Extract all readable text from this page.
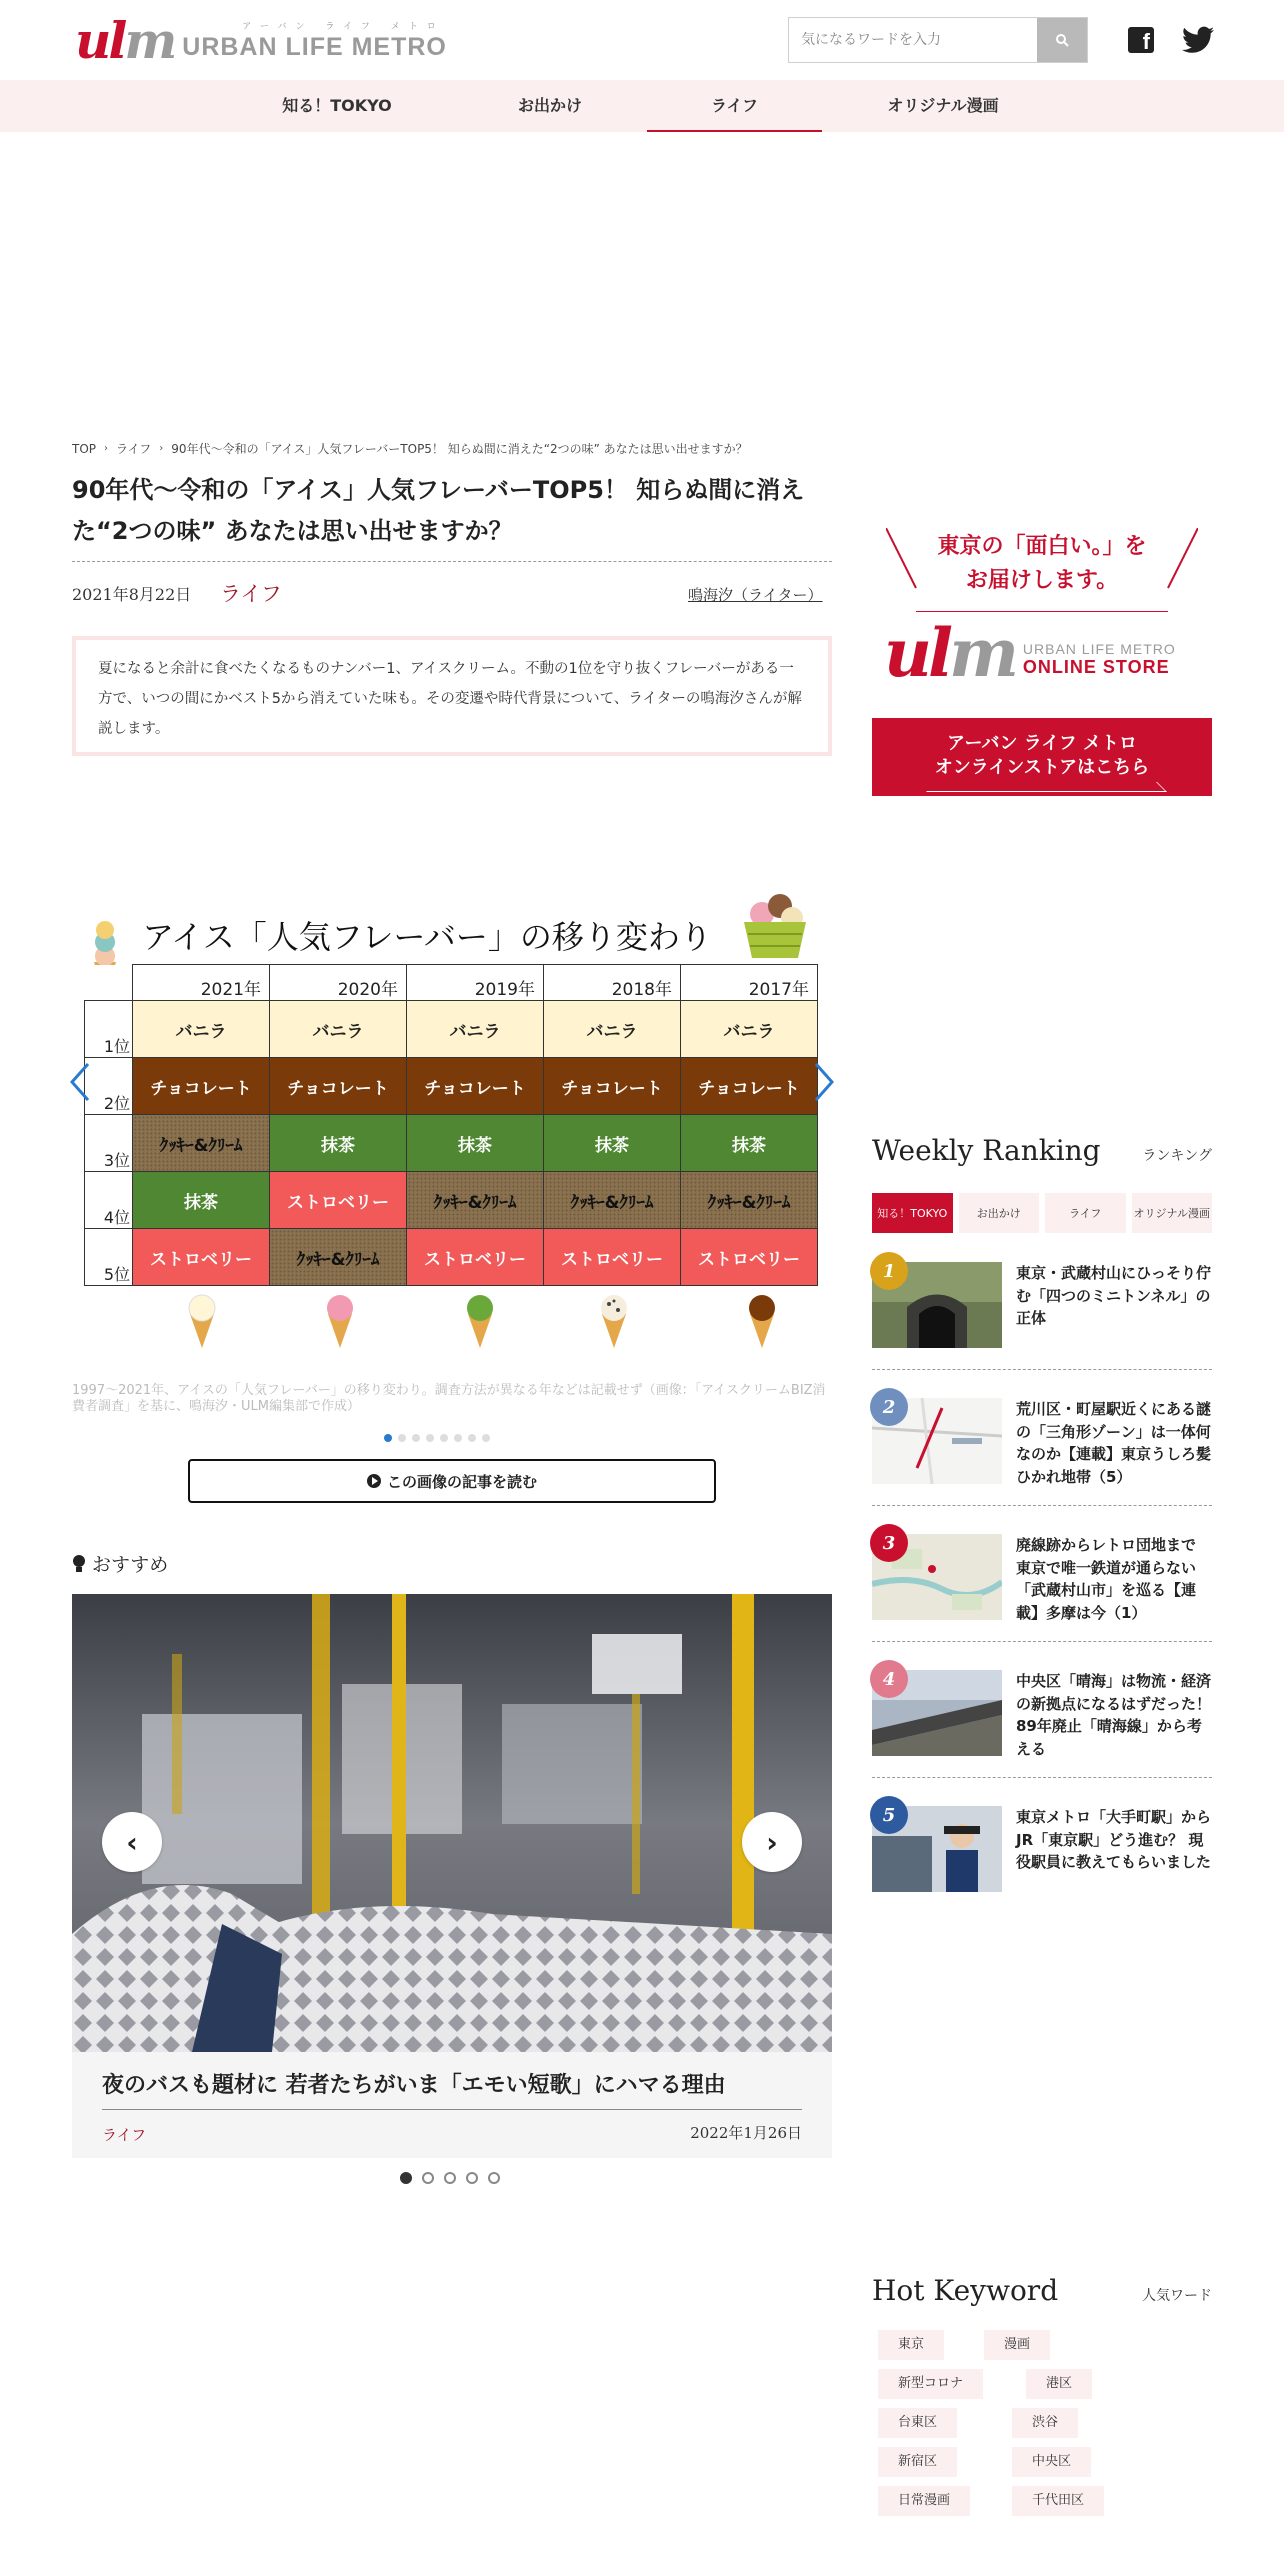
ulm	アーバン ライフ メトロ
URBAN LIFE METRO
気になるワードを入力	f
知る！TOKYO	お出かけ	ライフ	オリジナル漫画
TOP › ライフ › 90年代～令和の「アイス」人気フレーバーTOP5！ 知らぬ間に消えた“2つの味” あなたは思い出せますか？
90年代～令和の「アイス」人気フレーバーTOP5！ 知らぬ間に消えた“2つの味” あなたは思い出せますか？
2021年8月22日 ライフ	鳴海汐（ライター）
夏になると余計に食べたくなるものナンバー1、アイスクリーム。不動の1位を守り抜くフレーバーがある一方で、いつの間にかベスト5から消えていた味も。その変遷や時代背景について、ライターの鳴海汐さんが解説します。
アイス「人気フレーバー」の移り変わり
	2021年	2020年	2019年	2018年	2017年
1位	バニラ	バニラ	バニラ	バニラ	バニラ
2位	チョコレート	チョコレート	チョコレート	チョコレート	チョコレート
3位	ｸｯｷｰ&ｸﾘｰﾑ	抹茶	抹茶	抹茶	抹茶
4位	抹茶	ストロベリー	ｸｯｷｰ&ｸﾘｰﾑ	ｸｯｷｰ&ｸﾘｰﾑ	ｸｯｷｰ&ｸﾘｰﾑ
5位	ストロベリー	ｸｯｷｰ&ｸﾘｰﾑ	ストロベリー	ストロベリー	ストロベリー
1997～2021年、アイスの「人気フレーバー」の移り変わり。調査方法が異なる年などは記載せず（画像：「アイスクリームBIZ消費者調査」を基に、鳴海汐・ULM編集部で作成）
この画像の記事を読む
おすすめ
夜のバスも題材に 若者たちがいま「エモい短歌」にハマる理由
ライフ	2022年1月26日
‹	›
東京の「面白い。」を
お届けします。
ulm URBAN LIFE METRO
ONLINE STORE
アーバン ライフ メトロ
オンラインストアはこちら
Weekly Ranking	ランキング
知る！TOKYO	お出かけ	ライフ	オリジナル漫画
1	東京・武蔵村山にひっそり佇む「四つのミニトンネル」の正体
2	荒川区・町屋駅近くにある謎の「三角形ゾーン」は一体何なのか【連載】東京うしろ髪ひかれ地帯（5）
3	廃線跡からレトロ団地まで 東京で唯一鉄道が通らない「武蔵村山市」を巡る【連載】多摩は今（1）
4	中央区「晴海」は物流・経済の新拠点になるはずだった！ 89年廃止「晴海線」から考える
5	東京メトロ「大手町駅」からJR「東京駅」どう進む？ 現役駅員に教えてもらいました
Hot Keyword	人気ワード
東京	漫画
新型コロナ	港区
台東区	渋谷
新宿区	中央区
日常漫画	千代田区
